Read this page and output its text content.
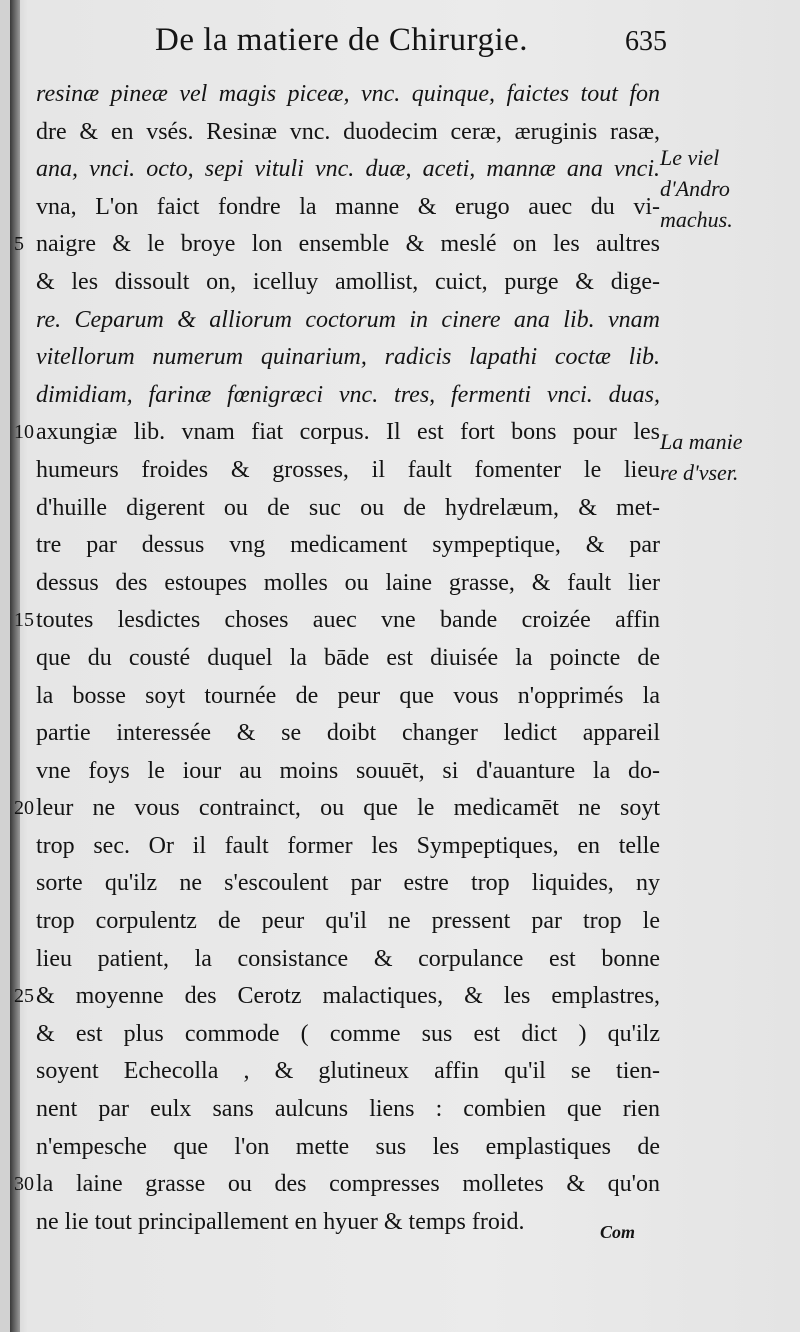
De la matiere de Chirurgie.	635
resinæ pineæ vel magis piceæ, vnc. quinque, faictes tout fon
dre & en vsés. Resinæ vnc. duodecim ceræ, æruginis rasæ,
ana, vnci. octo, sepi vituli vnc. duæ, aceti, mannæ ana vnci.
vna, L'on faict fondre la manne & erugo auec du vi-
5 naigre & le broye lon ensemble & meslé on les aultres
& les dissoult on, icelluy amollist, cuict, purge & dige-
re. Ceparum & alliorum coctorum in cinere ana lib. vnam
vitellorum numerum quinarium, radicis lapathi coctæ lib.
dimidiam, farinæ fœnigræci vnc. tres, fermenti vnci. duas,
10 axungiæ lib. vnam fiat corpus. Il est fort bons pour les
humeurs froides & grosses, il fault fomenter le lieu
d'huille digerent ou de suc ou de hydrelæum, & met-
tre par dessus vng medicament sympeptique, & par
dessus des estoupes molles ou laine grasse, & fault lier
15 toutes lesdictes choses auec vne bande croizée affin
que du cousté duquel la bāde est diuisée la poincte de
la bosse soyt tournée de peur que vous n'opprimés la
partie interessée & se doibt changer ledict appareil
vne foys le iour au moins souuēt, si d'auanture la do-
20 leur ne vous contrainct, ou que le medicamēt ne soyt
trop sec. Or il fault former les Sympeptiques, en telle
sorte qu'ilz ne s'escoulent par estre trop liquides, ny
trop corpulentz de peur qu'il ne pressent par trop le
lieu patient, la consistance & corpulance est bonne
25 & moyenne des Cerotz malactiques, & les emplastres,
& est plus commode ( comme sus est dict ) qu'ilz
soyent Echecolla , & glutineux affin qu'il se tien-
nent par eulx sans aulcuns liens : combien que rien
n'empesche que l'on mette sus les emplastiques de
30 la laine grasse ou des compresses molletes & qu'on
ne lie tout principallement en hyuer & temps froid.
Le viel
d'Andro
machus.
La manie
re d'vser.
Com
